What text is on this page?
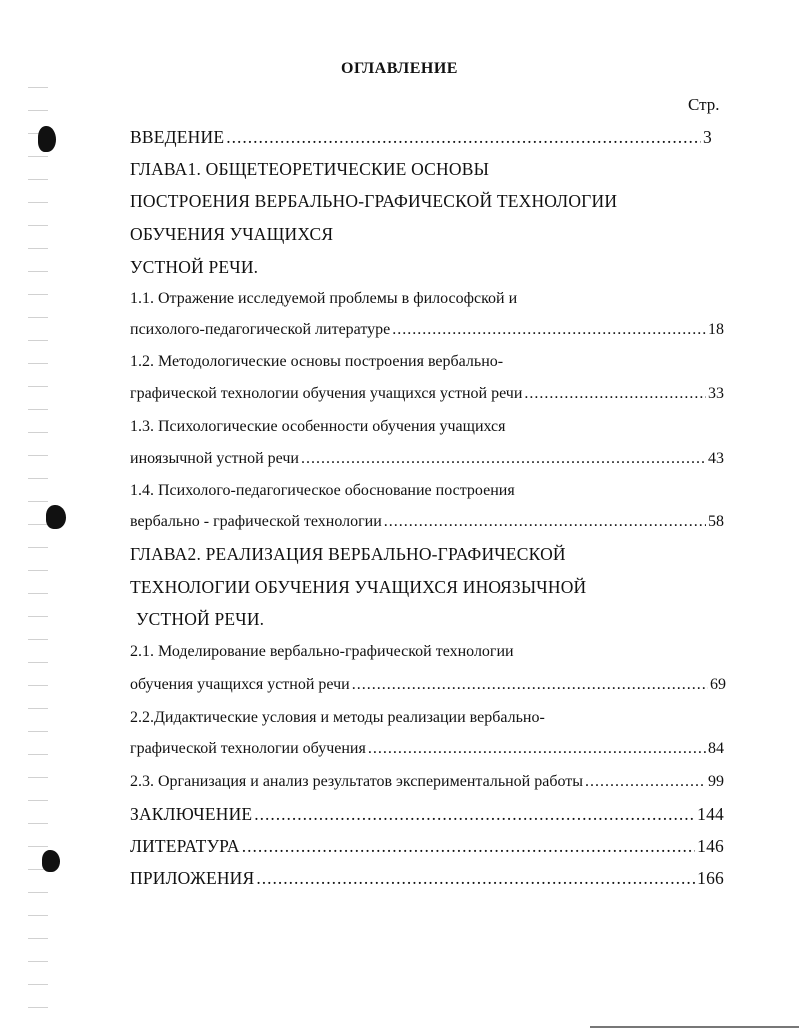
ОГЛАВЛЕНИЕ
Стр.
ВВЕДЕНИЕ .....	3
ГЛАВА1. ОБЩЕТЕОРЕТИЧЕСКИЕ ОСНОВЫ
ПОСТРОЕНИЯ ВЕРБАЛЬНО-ГРАФИЧЕСКОЙ ТЕХНОЛОГИИ
ОБУЧЕНИЯ УЧАЩИХСЯ
УСТНОЙ РЕЧИ.
1.1. Отражение исследуемой проблемы в философской и
психолого-педагогической литературе .....	18
1.2. Методологические основы построения вербально-
графической технологии обучения учащихся устной речи .....	33
1.3. Психологические особенности обучения учащихся
иноязычной устной речи .....	43
1.4. Психолого-педагогическое обоснование построения
вербально - графической технологии .....	58
ГЛАВА2. РЕАЛИЗАЦИЯ ВЕРБАЛЬНО-ГРАФИЧЕСКОЙ
ТЕХНОЛОГИИ ОБУЧЕНИЯ УЧАЩИХСЯ ИНОЯЗЫЧНОЙ
УСТНОЙ РЕЧИ.
2.1. Моделирование вербально-графической технологии
обучения учащихся устной речи .....	69
2.2.Дидактические условия и методы реализации вербально-
графической технологии обучения .....	84
2.3. Организация и анализ результатов экспериментальной работы .....	99
ЗАКЛЮЧЕНИЕ .....	144
ЛИТЕРАТУРА .....	146
ПРИЛОЖЕНИЯ .....	166
